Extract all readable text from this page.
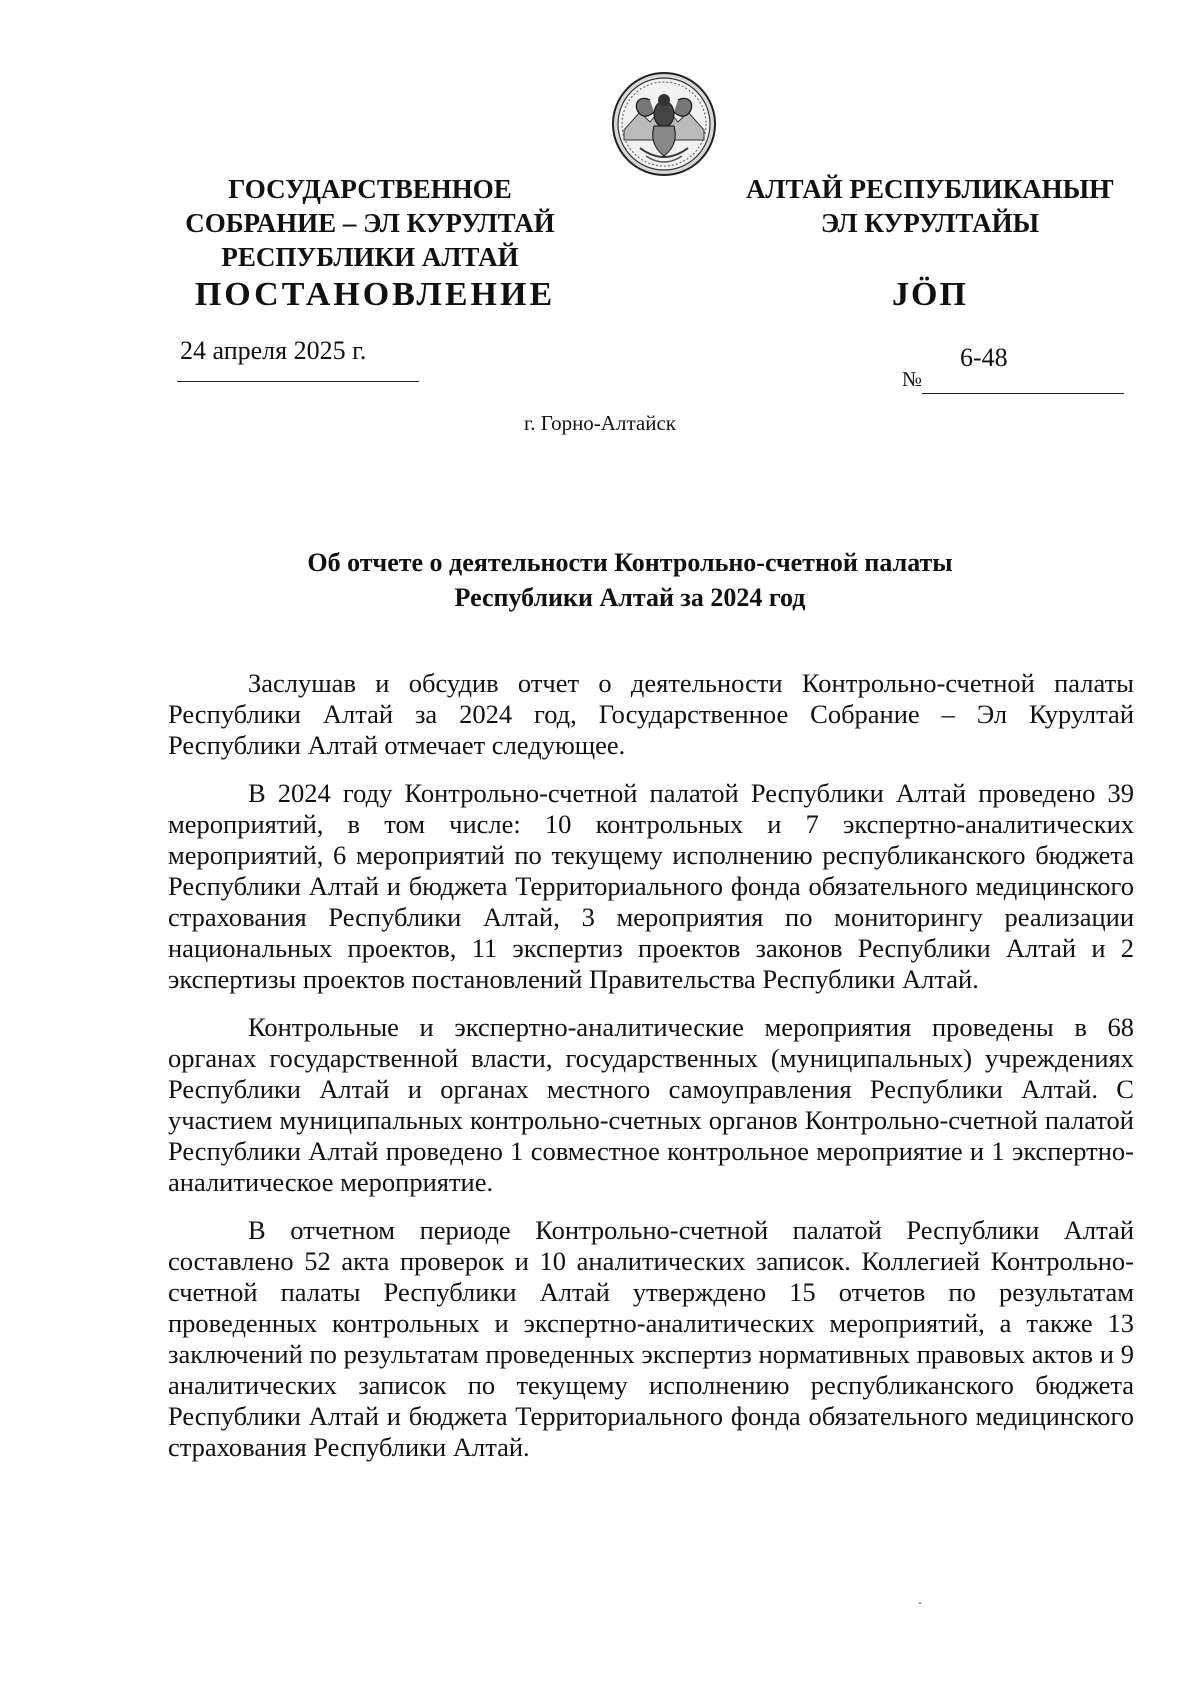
ГОСУДАРСТВЕННОЕ
СОБРАНИЕ – ЭЛ КУРУЛТАЙ
РЕСПУБЛИКИ АЛТАЙ
АЛТАЙ РЕСПУБЛИКАНЫҤ
ЭЛ КУРУЛТАЙЫ
ПОСТАНОВЛЕНИЕ	JÖП
24 апреля 2025 г.
№
6-48
г. Горно-Алтайск
Об отчете о деятельности Контрольно-счетной палаты
Республики Алтай за 2024 год

Заслушав и обсудив отчет о деятельности Контрольно-счетной палаты Республики Алтай за 2024 год, Государственное Собрание – Эл Курултай Республики Алтай отмечает следующее.

В 2024 году Контрольно-счетной палатой Республики Алтай проведено 39 мероприятий, в том числе: 10 контрольных и 7 экспертно-аналитических мероприятий, 6 мероприятий по текущему исполнению республиканского бюджета Республики Алтай и бюджета Территориального фонда обязательного медицинского страхования Республики Алтай, 3 мероприятия по мониторингу реализации национальных проектов, 11 экспертиз проектов законов Республики Алтай и 2 экспертизы проектов постановлений Правительства Республики Алтай.

Контрольные и экспертно-аналитические мероприятия проведены в 68 органах государственной власти, государственных (муниципальных) учреждениях Республики Алтай и органах местного самоуправления Республики Алтай. С участием муниципальных контрольно-счетных органов Контрольно-счетной палатой Республики Алтай проведено 1 совместное контрольное мероприятие и 1 экспертно-аналитическое мероприятие.

В отчетном периоде Контрольно-счетной палатой Республики Алтай составлено 52 акта проверок и 10 аналитических записок. Коллегией Контрольно-счетной палаты Республики Алтай утверждено 15 отчетов по результатам проведенных контрольных и экспертно-аналитических мероприятий, а также 13 заключений по результатам проведенных экспертиз нормативных правовых актов и 9 аналитических записок по текущему исполнению республиканского бюджета Республики Алтай и бюджета Территориального фонда обязательного медицинского страхования Республики Алтай.
